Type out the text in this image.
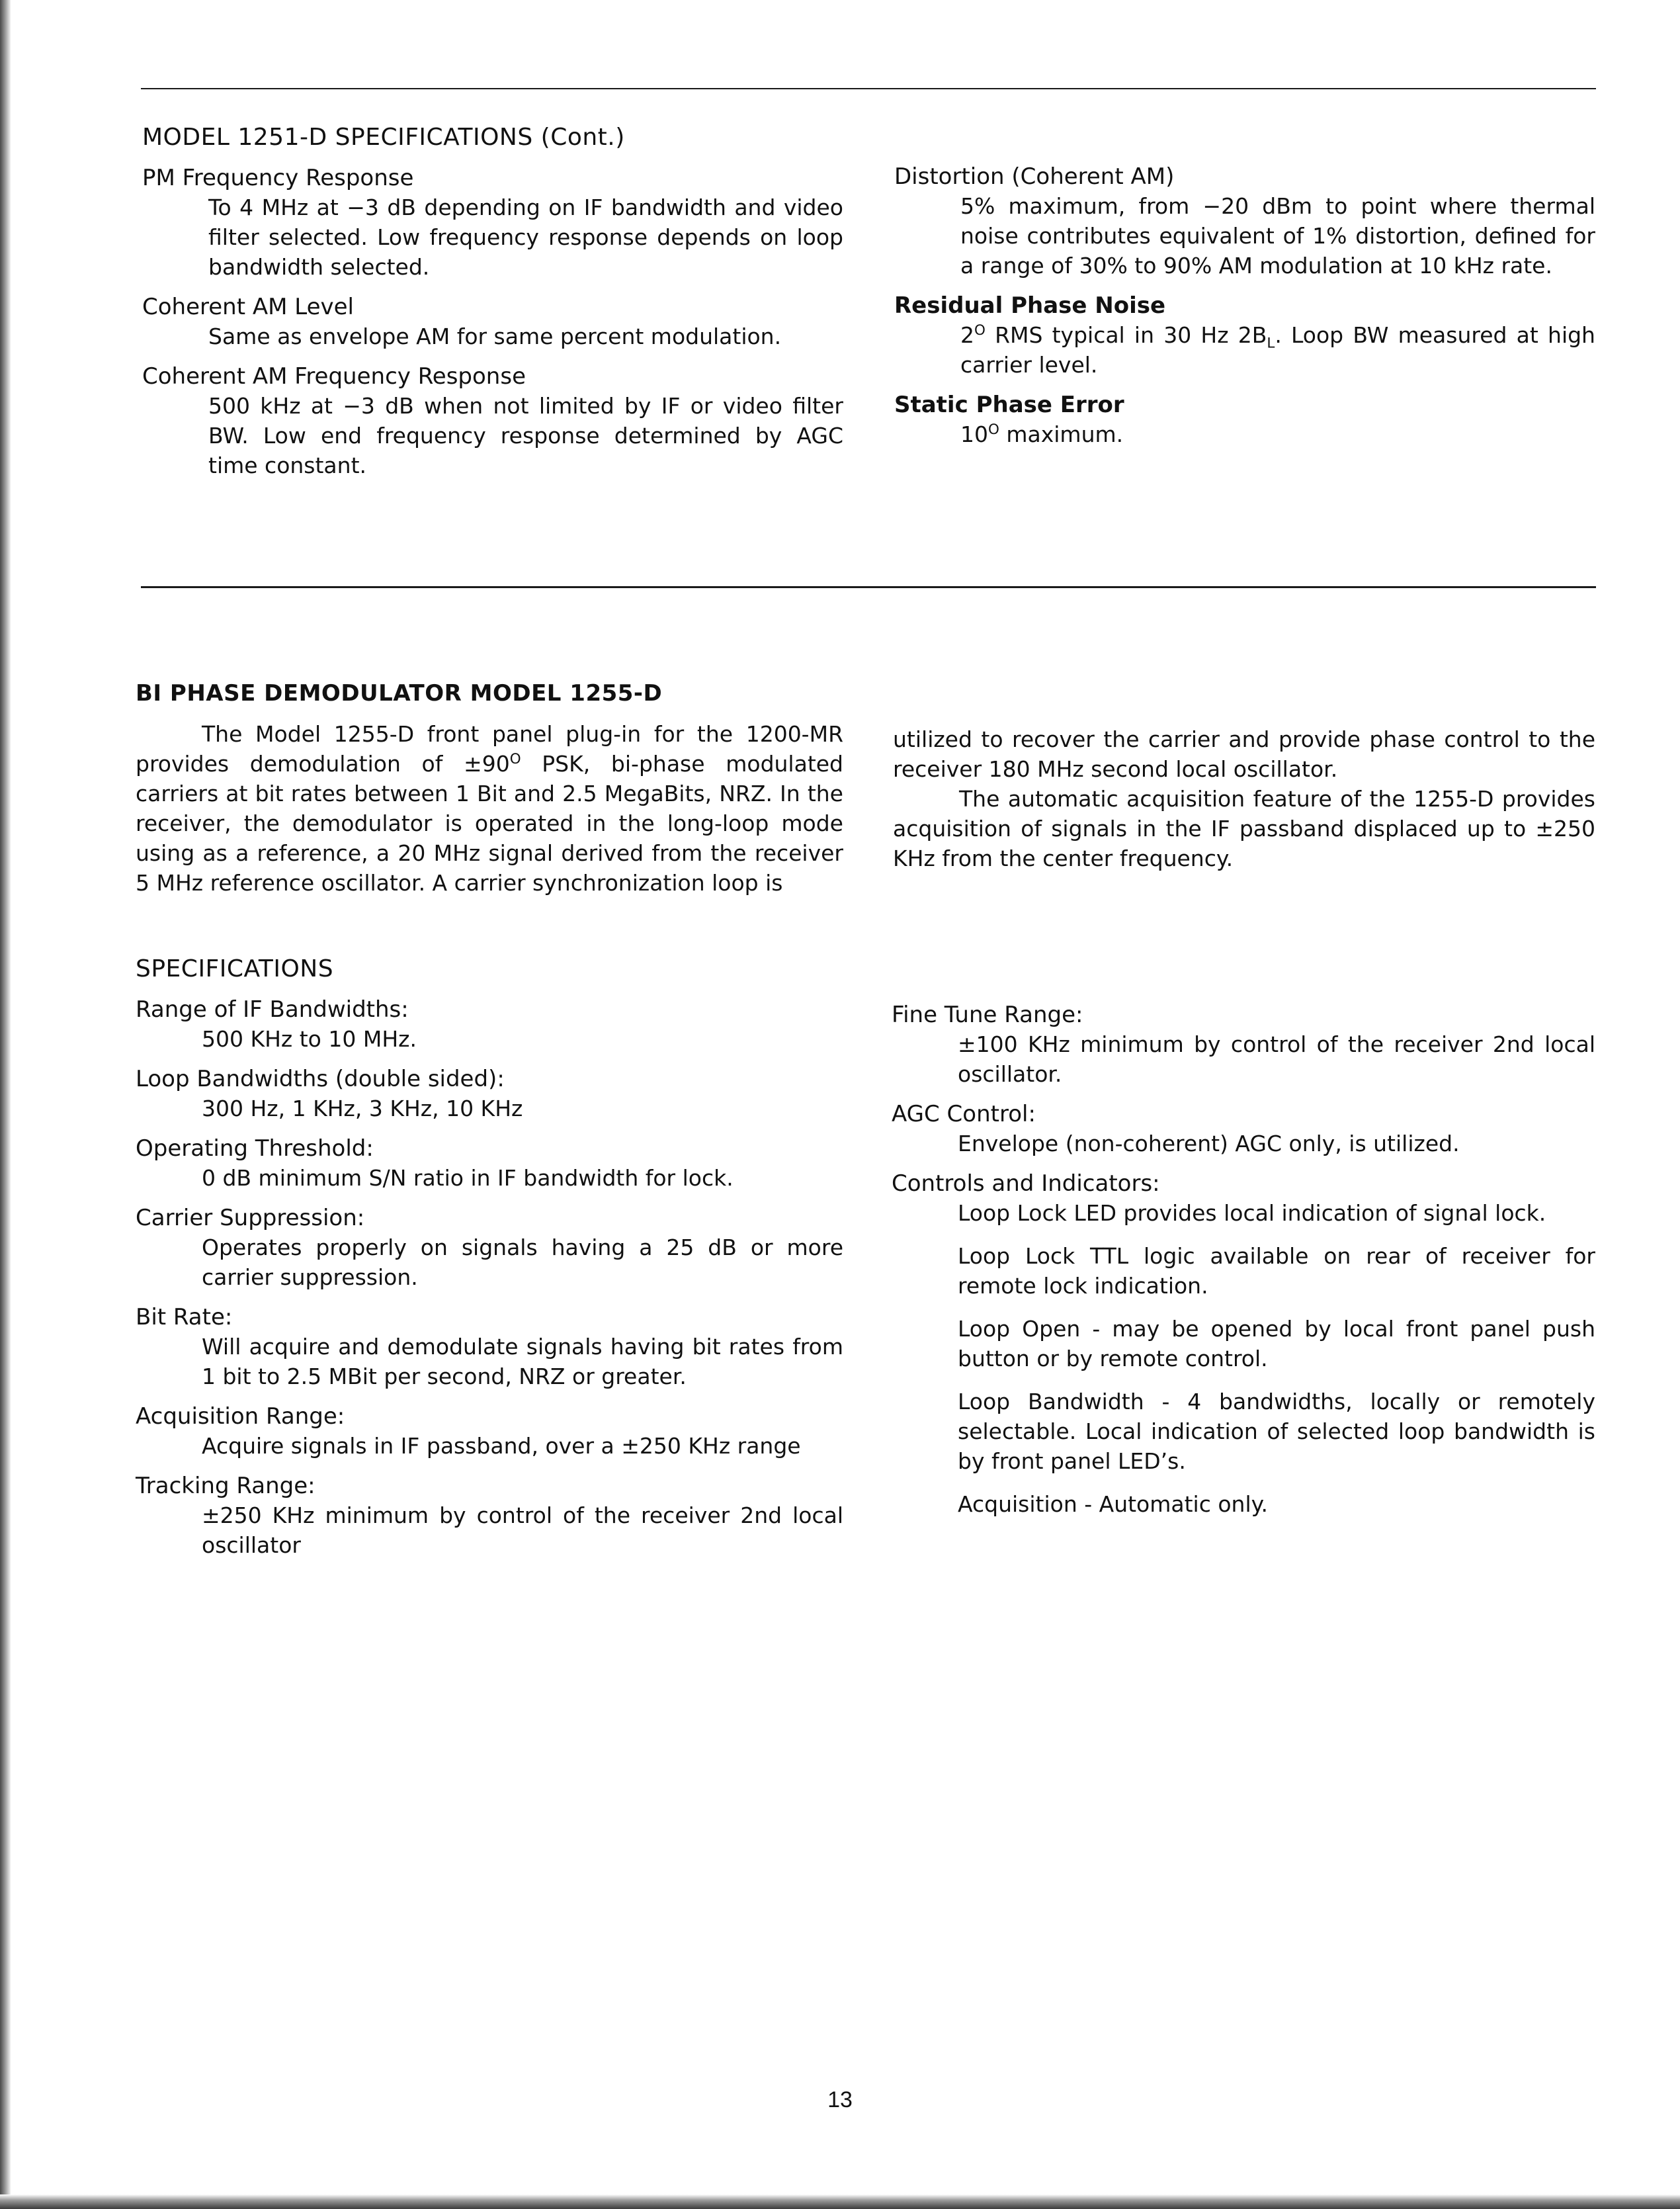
MODEL 1251-D SPECIFICATIONS (Cont.)
PM Frequency Response
To 4 MHz at −3 dB depending on IF bandwidth and video filter selected. Low frequency response depends on loop bandwidth selected.
Coherent AM Level
Same as envelope AM for same percent modulation.
Coherent AM Frequency Response
500 kHz at −3 dB when not limited by IF or video filter BW. Low end frequency response determined by AGC time constant.
Distortion (Coherent AM)
5% maximum, from −20 dBm to point where thermal noise contributes equivalent of 1% distortion, defined for a range of 30% to 90% AM modulation at 10 kHz rate.
Residual Phase Noise
$2^O$ RMS typical in 30 Hz $2B_L$. Loop BW measured at high carrier level.
Static Phase Error
$10^O$ maximum.
BI PHASE DEMODULATOR MODEL 1255-D

The Model 1255-D front panel plug-in for the 1200-MR provides demodulation of $\pm 90^O$ PSK, bi-phase modulated carriers at bit rates between 1 Bit and 2.5 MegaBits, NRZ. In the receiver, the demodulator is operated in the long-loop mode using as a reference, a 20 MHz signal derived from the receiver 5 MHz reference oscillator. A carrier synchronization loop is

utilized to recover the carrier and provide phase control to the receiver 180 MHz second local oscillator.

The automatic acquisition feature of the 1255-D provides acquisition of signals in the IF passband displaced up to ±250 KHz from the center frequency.

SPECIFICATIONS
Range of IF Bandwidths:
500 KHz to 10 MHz.
Loop Bandwidths (double sided):
300 Hz, 1 KHz, 3 KHz, 10 KHz
Operating Threshold:
0 dB minimum S/N ratio in IF bandwidth for lock.
Carrier Suppression:
Operates properly on signals having a 25 dB or more carrier suppression.
Bit Rate:
Will acquire and demodulate signals having bit rates from 1 bit to 2.5 MBit per second, NRZ or greater.
Acquisition Range:
Acquire signals in IF passband, over a ±250 KHz range
Tracking Range:
±250 KHz minimum by control of the receiver 2nd local oscillator
Fine Tune Range:
±100 KHz minimum by control of the receiver 2nd local oscillator.
AGC Control:
Envelope (non-coherent) AGC only, is utilized.
Controls and Indicators:
Loop Lock LED provides local indication of signal lock.
Loop Lock TTL logic available on rear of receiver for remote lock indication.
Loop Open - may be opened by local front panel push button or by remote control.
Loop Bandwidth - 4 bandwidths, locally or remotely selectable. Local indication of selected loop bandwidth is by front panel LED’s.
Acquisition - Automatic only.
13
